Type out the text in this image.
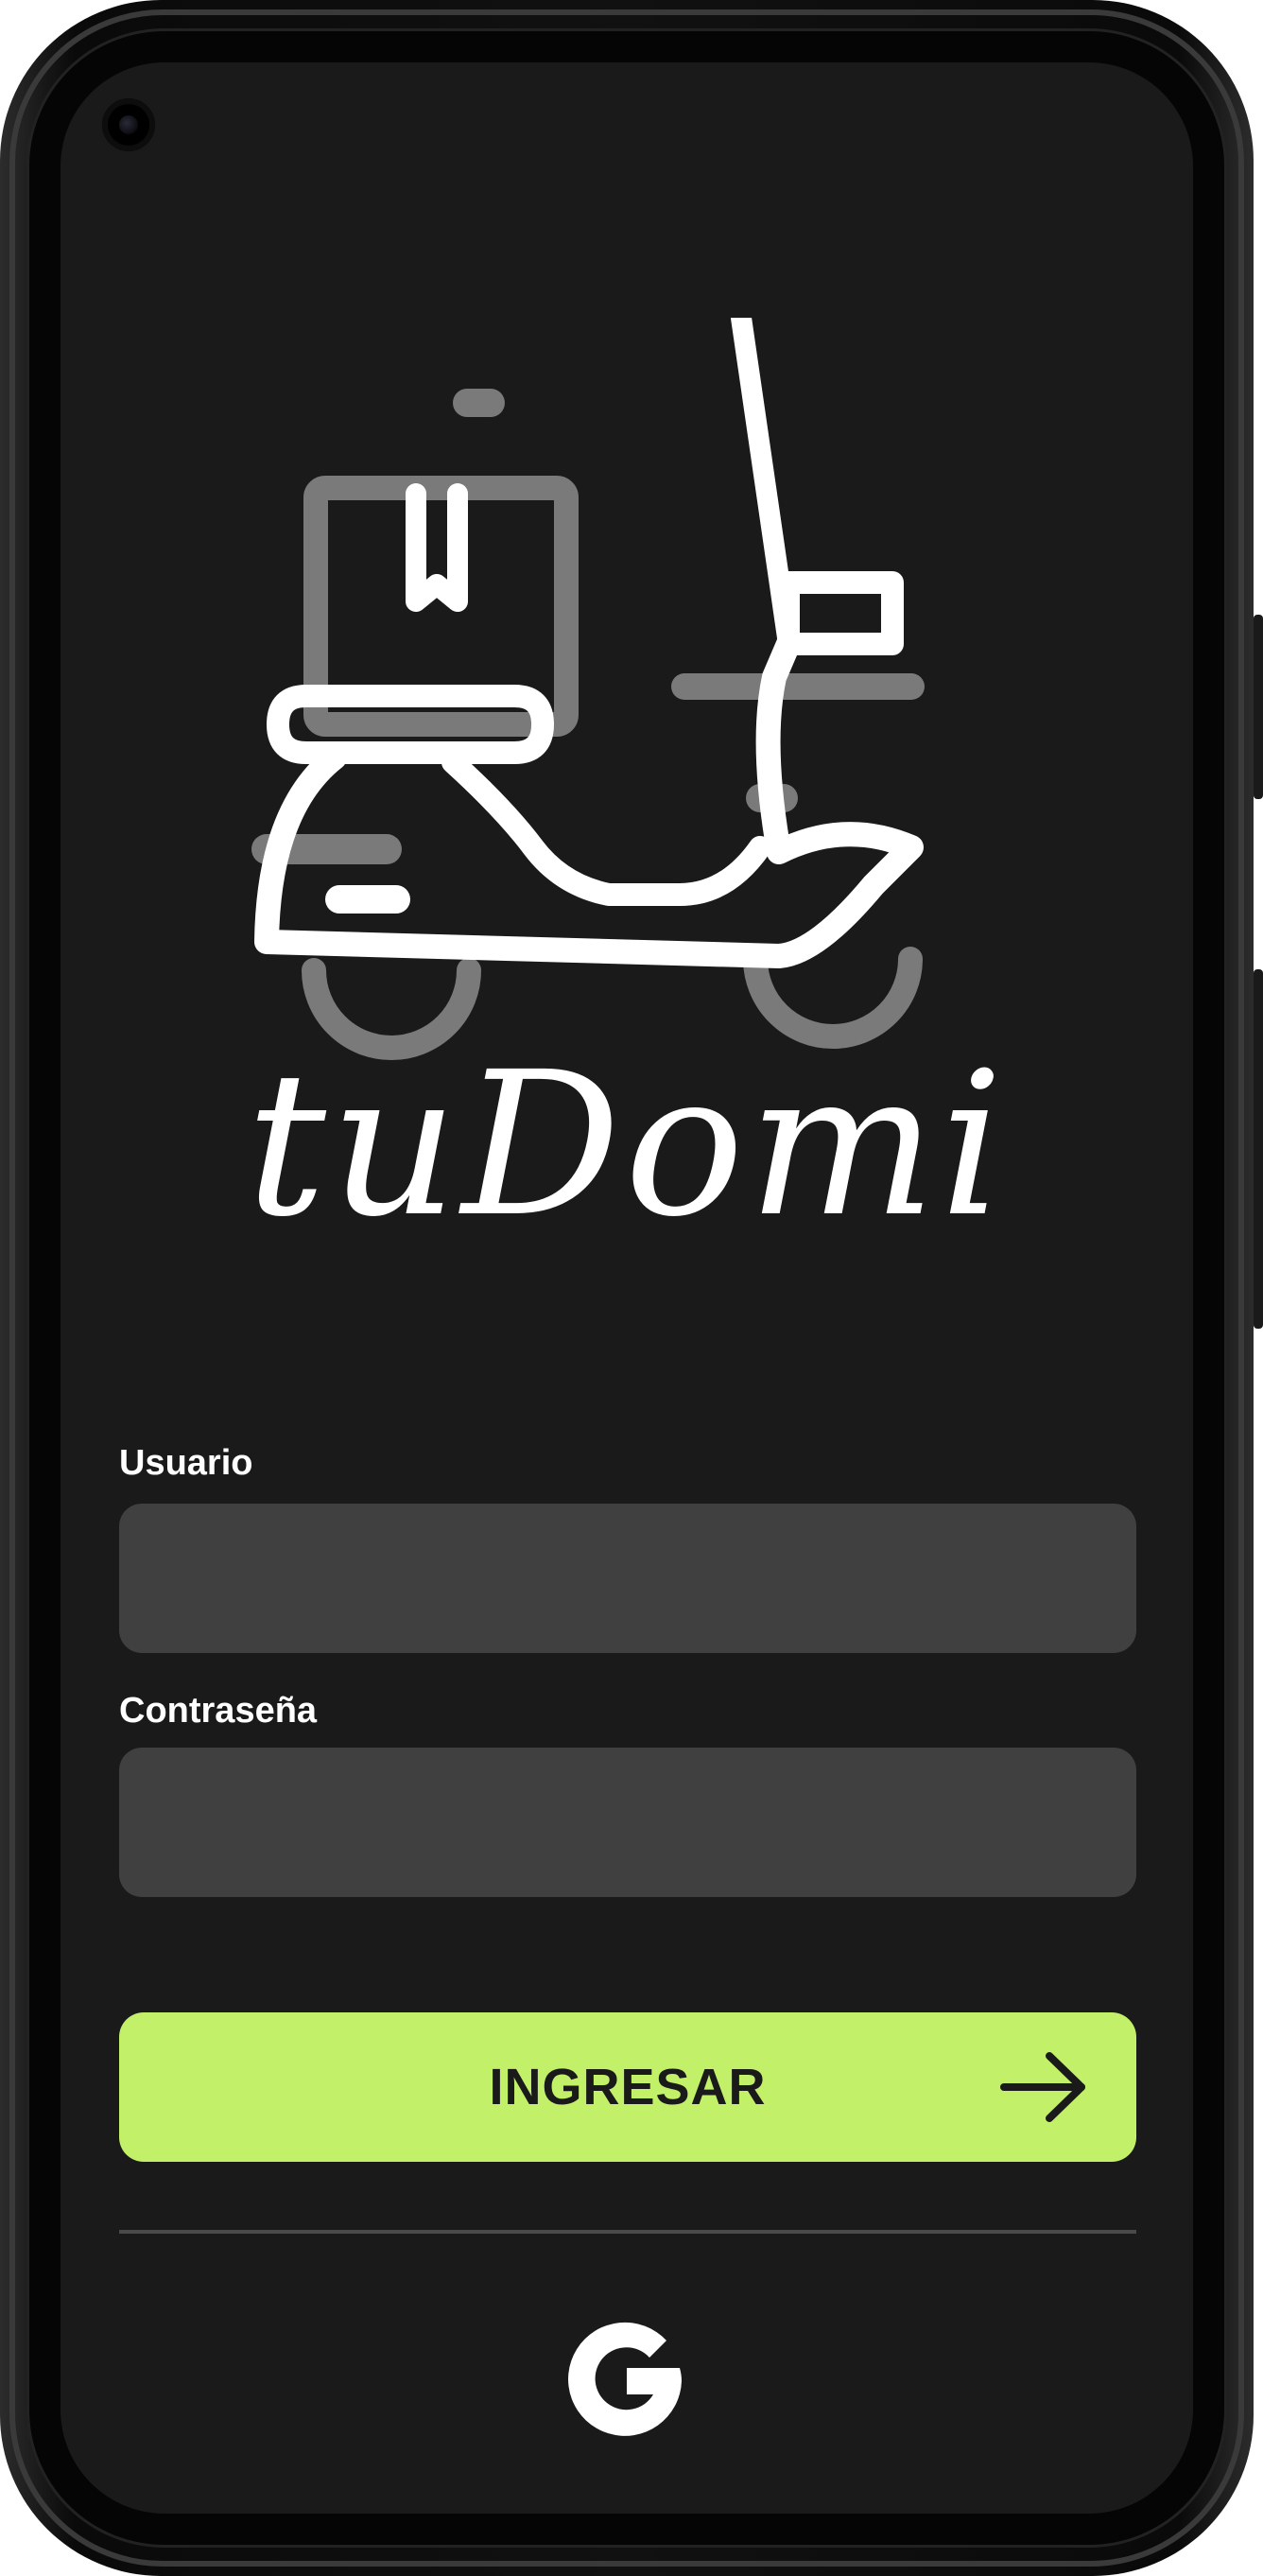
tuDomi
Usuario
Contraseña
INGRESAR
